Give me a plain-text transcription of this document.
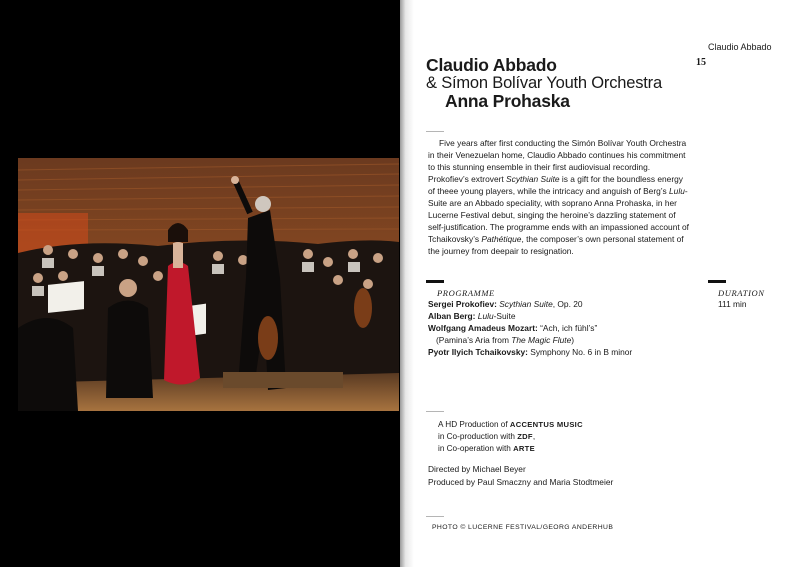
Claudio Abbado
15
Claudio Abbado
& Símon Bolívar Youth Orchestra
Anna Prohaska
Five years after first conducting the Simón Bolívar Youth Orchestra in their Venezuelan home, Claudio Abbado continues his commitment to this stunning ensemble in their first audiovisual recording. Prokofiev’s extrovert Scythian Suite is a gift for the boundless energy of theee young players, while the intricacy and anguish of Berg’s Lulu-Suite are an Abbado speciality, with soprano Anna Prohaska, in her Lucerne Festival debut, singing the heroine’s dazzling statement of self-justification. The programme ends with an impassioned account of Tchaikovsky’s Pathétique, the composer’s own personal statement of the journey from deepair to resignation.
PROGRAMME	DURATION
111 min
Sergei Prokofiev: Scythian Suite, Op. 20
Alban Berg: Lulu-Suite
Wolfgang Amadeus Mozart: “Ach, ich fühl’s”
(Pamina’s Aria from The Magic Flute)
Pyotr Ilyich Tchaikovsky: Symphony No. 6 in B minor
A HD Production of ACCENTUS MUSIC
in Co-production with ZDF,
in Co-operation with ARTE
Directed by Michael Beyer
Produced by Paul Smaczny and Maria Stodtmeier
PHOTO © LUCERNE FESTIVAL/GEORG ANDERHUB
